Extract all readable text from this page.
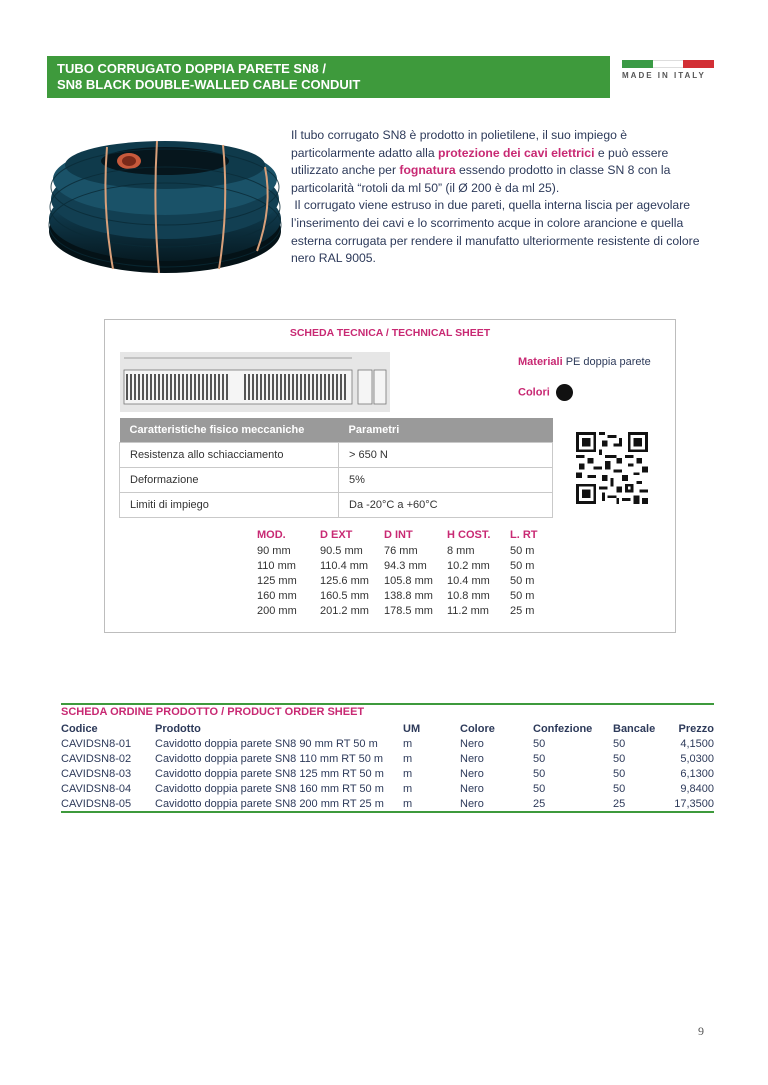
TUBO CORRUGATO DOPPIA PARETE SN8 /
SN8 BLACK DOUBLE-WALLED CABLE CONDUIT
MADE IN ITALY
Il tubo corrugato SN8 è prodotto in polietilene, il suo impiego è particolarmente adatto alla protezione dei cavi elettrici e può essere utilizzato anche per fognatura essendo prodotto in classe SN 8 con la particolarità “rotoli da ml 50” (il Ø 200 è da ml 25).
Il corrugato viene estruso in due pareti, quella interna liscia per agevolare l’inserimento dei cavi e lo scorrimento acque in colore arancione e quella esterna corrugata per rendere il manufatto ulteriormente resistente di colore nero RAL 9005.
SCHEDA TECNICA / TECHNICAL SHEET
Materiali PE doppia parete
Colori
Caratteristiche fisico meccaniche	Parametri
Resistenza allo schiacciamento	> 650 N
Deformazione	5%
Limiti di impiego	Da -20°C a +60°C
MOD.	D EXT	D INT	H COST.	L. RT
90 mm	90.5 mm	76 mm	8 mm	50 m
110 mm	110.4 mm	94.3 mm	10.2 mm	50 m
125 mm	125.6 mm	105.8 mm	10.4 mm	50 m
160 mm	160.5 mm	138.8 mm	10.8 mm	50 m
200 mm	201.2 mm	178.5 mm	11.2 mm	25 m
SCHEDA ORDINE PRODOTTO / PRODUCT ORDER SHEET
Codice	Prodotto	UM	Colore	Confezione	Bancale	Prezzo
CAVIDSN8-01	Cavidotto doppia parete SN8 90 mm RT 50 m	m	Nero	50	50	4,1500
CAVIDSN8-02	Cavidotto doppia parete SN8 110 mm RT 50 m	m	Nero	50	50	5,0300
CAVIDSN8-03	Cavidotto doppia parete SN8 125 mm RT 50 m	m	Nero	50	50	6,1300
CAVIDSN8-04	Cavidotto doppia parete SN8 160 mm RT 50 m	m	Nero	50	50	9,8400
CAVIDSN8-05	Cavidotto doppia parete SN8 200 mm RT 25 m	m	Nero	25	25	17,3500
9
